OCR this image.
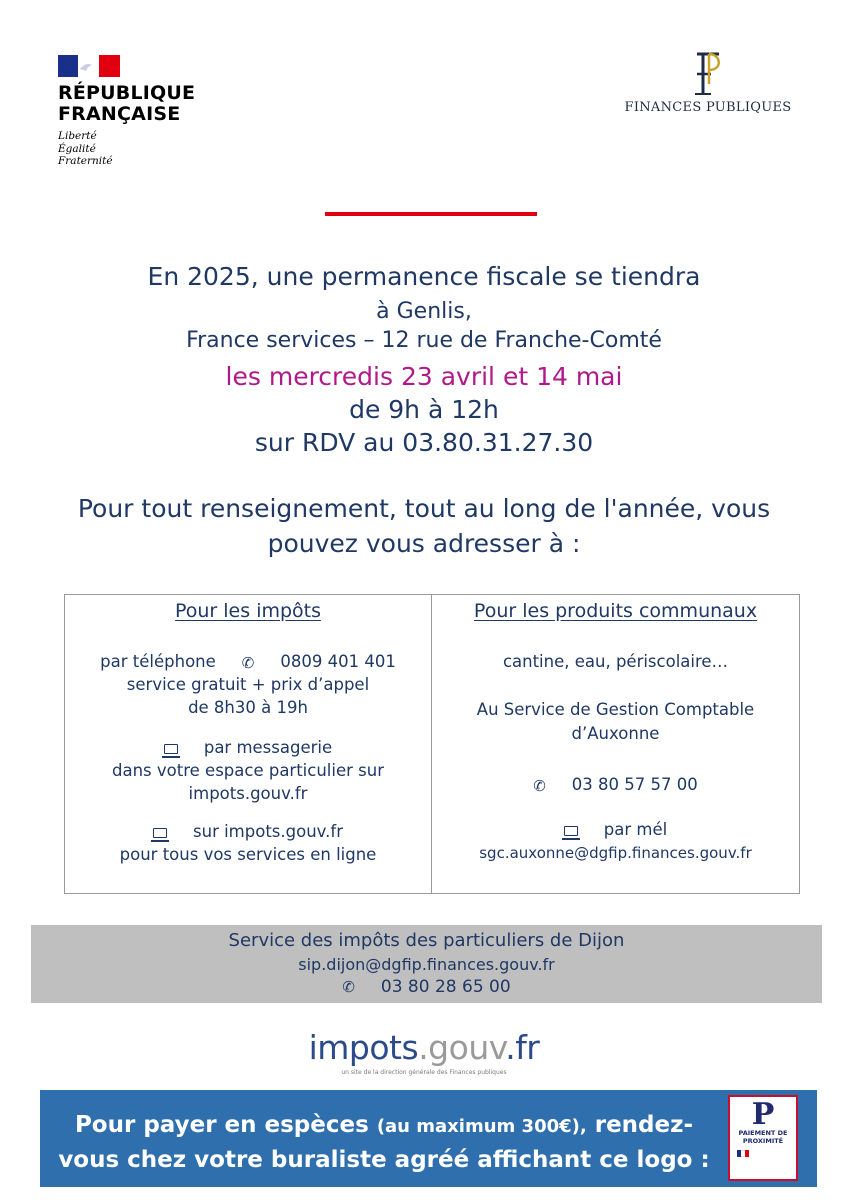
RÉPUBLIQUE
FRANÇAISE
Liberté
Égalité
Fraternité
FINANCES PUBLIQUES
En 2025, une permanence fiscale se tiendra
à Genlis,
France services – 12 rue de Franche-Comté
les mercredis 23 avril et 14 mai
de 9h à 12h
sur RDV au 03.80.31.27.30
Pour tout renseignement, tout au long de l'année, vous
pouvez vous adresser à :
Pour les impôts
par téléphone ✆ 0809 401 401
service gratuit + prix d’appel
de 8h30 à 19h
par messagerie
dans votre espace particulier sur
impots.gouv.fr
sur impots.gouv.fr
pour tous vos services en ligne
Pour les produits communaux
cantine, eau, périscolaire…
Au Service de Gestion Comptable
d’Auxonne
✆ 03 80 57 57 00
par mél
sgc.auxonne@dgfip.finances.gouv.fr
Service des impôts des particuliers de Dijon
sip.dijon@dgfip.finances.gouv.fr
✆ 03 80 28 65 00
impots.gouv.fr
un site de la direction générale des Finances publiques
Pour payer en espèces (au maximum 300€), rendez-
vous chez votre buraliste agréé affichant ce logo :
P
PAIEMENT DE
PROXIMITÉ
